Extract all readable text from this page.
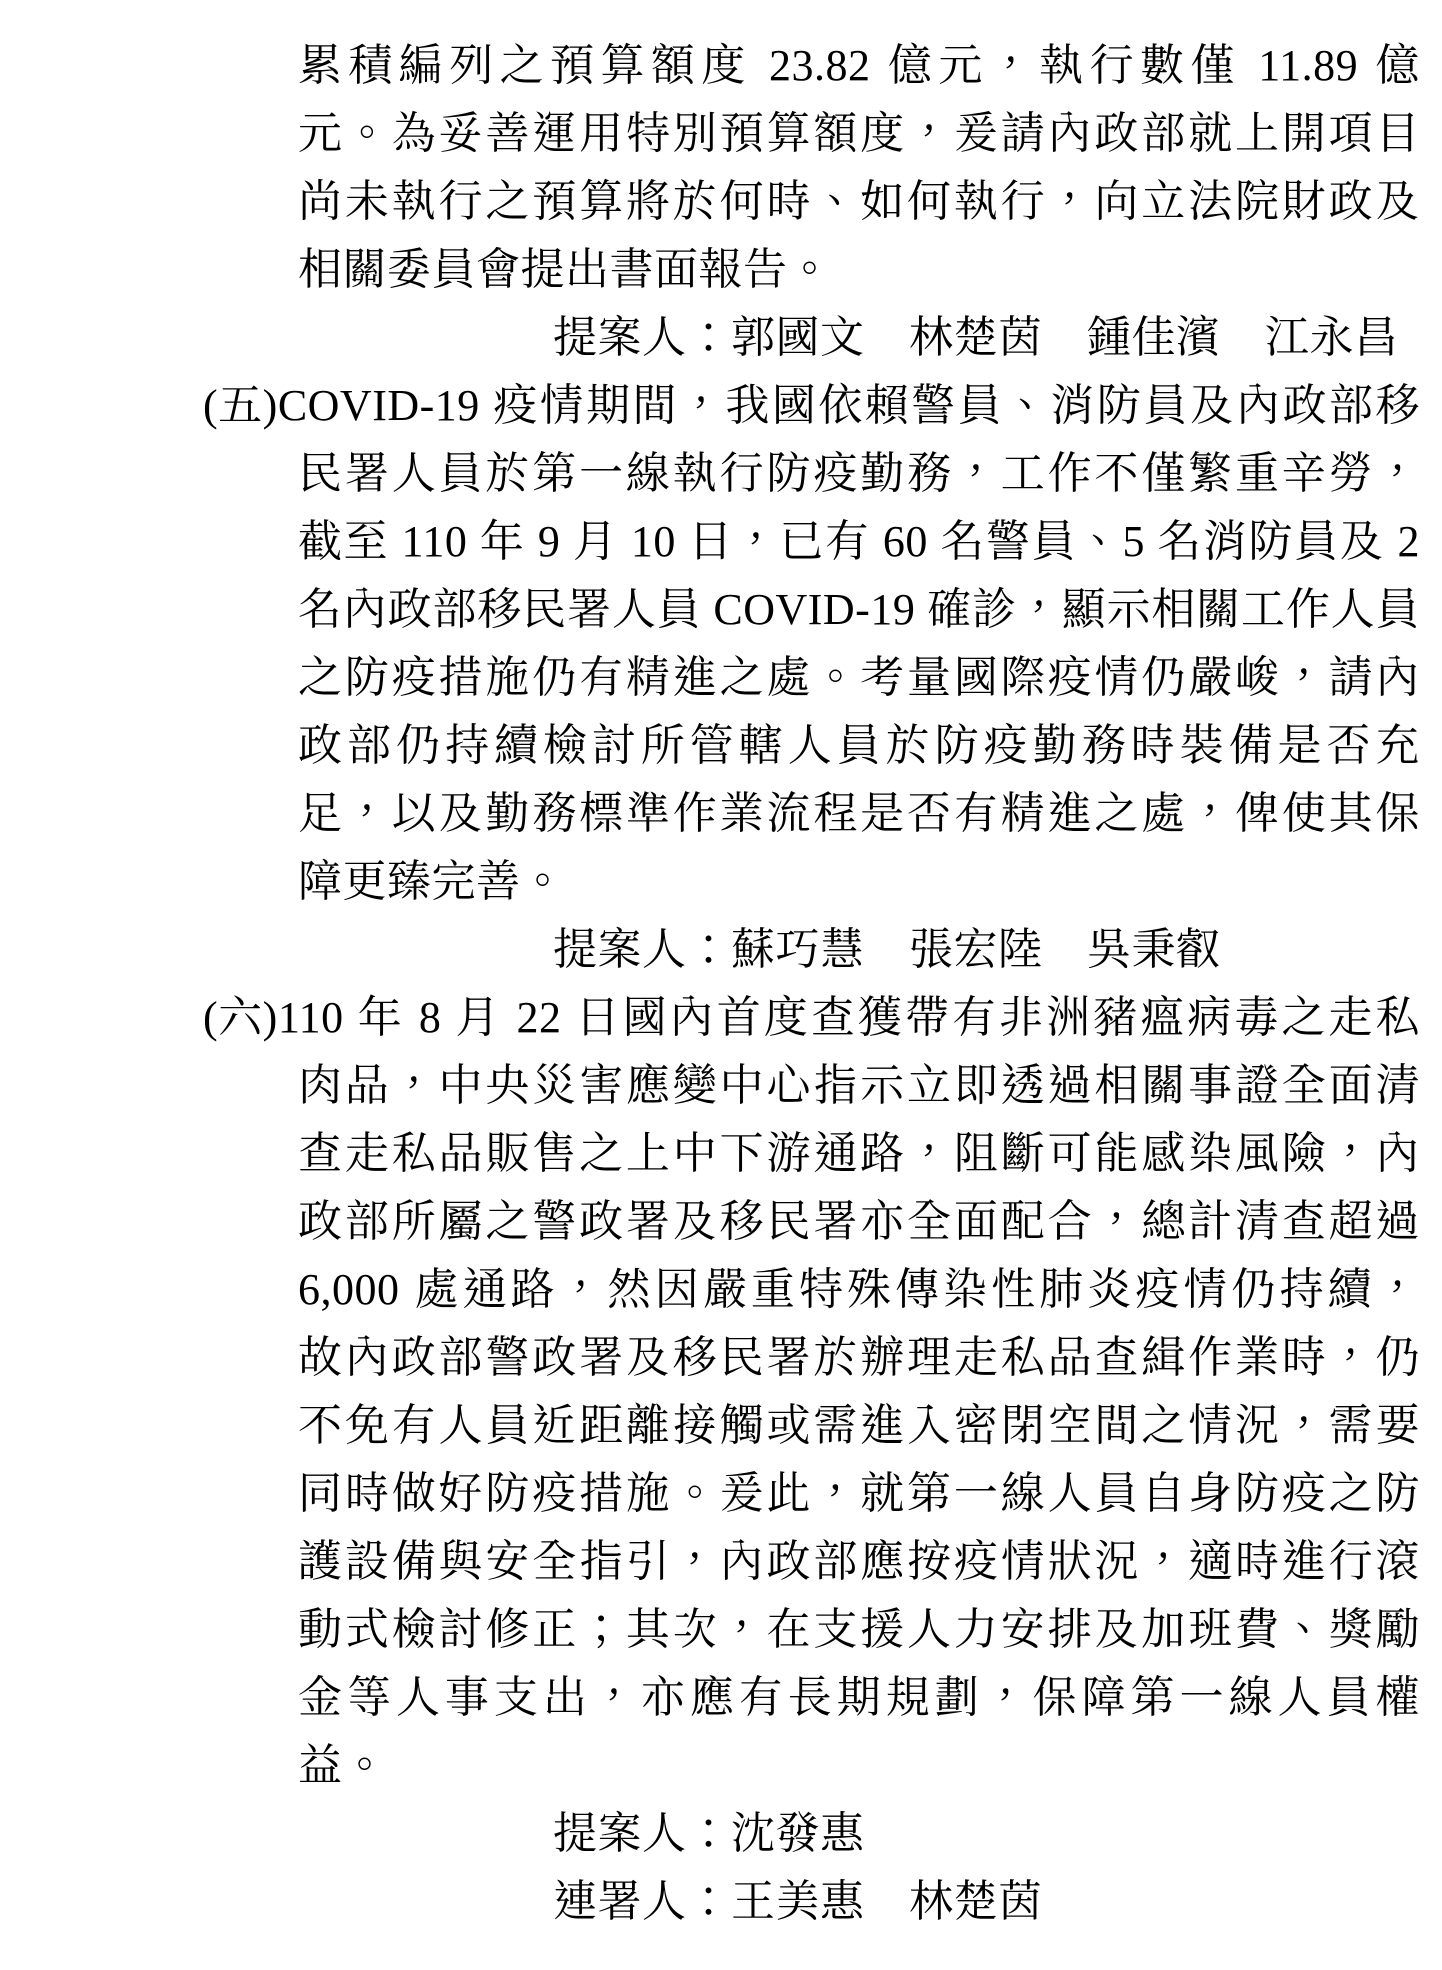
累積編列之預算額度 23.82 億元，執行數僅 11.89 億
元。為妥善運用特別預算額度，爰請內政部就上開項目
尚未執行之預算將於何時、如何執行，向立法院財政及
相關委員會提出書面報告。
提案人：郭國文　林楚茵　鍾佳濱　江永昌
(五)COVID-19 疫情期間，我國依賴警員、消防員及內政部移
民署人員於第一線執行防疫勤務，工作不僅繁重辛勞，
截至 110 年 9 月 10 日，已有 60 名警員、5 名消防員及 2
名內政部移民署人員 COVID-19 確診，顯示相關工作人員
之防疫措施仍有精進之處。考量國際疫情仍嚴峻，請內
政部仍持續檢討所管轄人員於防疫勤務時裝備是否充
足，以及勤務標準作業流程是否有精進之處，俾使其保
障更臻完善。
提案人：蘇巧慧　張宏陸　吳秉叡
(六)110 年 8 月 22 日國內首度查獲帶有非洲豬瘟病毒之走私
肉品，中央災害應變中心指示立即透過相關事證全面清
查走私品販售之上中下游通路，阻斷可能感染風險，內
政部所屬之警政署及移民署亦全面配合，總計清查超過
6,000 處通路，然因嚴重特殊傳染性肺炎疫情仍持續，
故內政部警政署及移民署於辦理走私品查緝作業時，仍
不免有人員近距離接觸或需進入密閉空間之情況，需要
同時做好防疫措施。爰此，就第一線人員自身防疫之防
護設備與安全指引，內政部應按疫情狀況，適時進行滾
動式檢討修正；其次，在支援人力安排及加班費、獎勵
金等人事支出，亦應有長期規劃，保障第一線人員權
益。
提案人：沈發惠
連署人：王美惠　林楚茵
